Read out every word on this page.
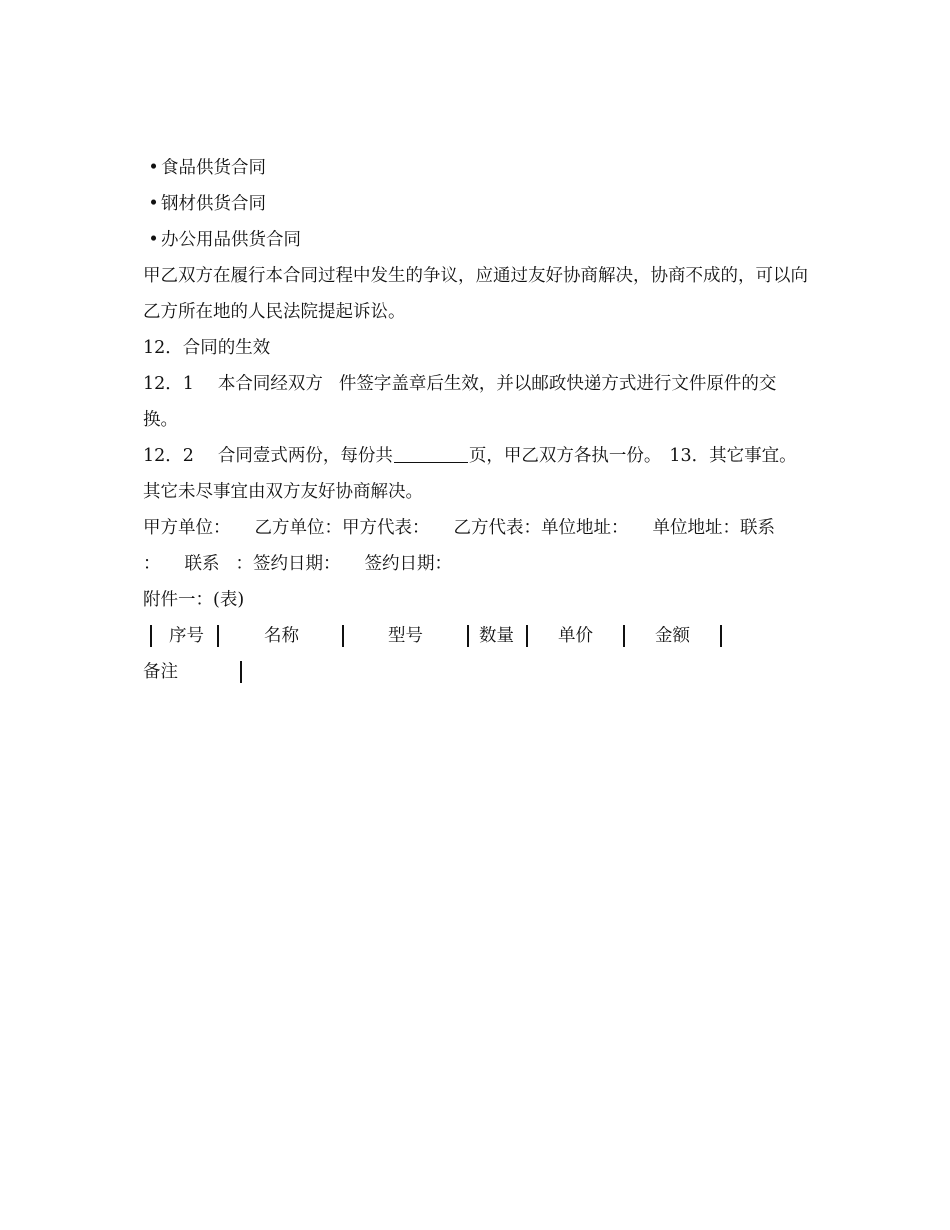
• 食品供货合同
• 钢材供货合同
• 办公用品供货合同
甲乙双方在履行本合同过程中发生的争议，应通过友好协商解决，协商不成的，可以向乙方所在地的人民法院提起诉讼。
12．合同的生效
12．1 本合同经双方 件签字盖章后生效，并以邮政快递方式进行文件原件的交换。
12．2 合同壹式两份，每份共	页，甲乙双方各执一份。 13．其它事宜。
其它未尽事宜由双方友好协商解决。
甲方单位： 乙方单位：甲方代表： 乙方代表：单位地址： 单位地址：联系
： 联系 ：签约日期： 签约日期：
附件一：(表)
序号	名称	型号	数量	单价	金额
备注
